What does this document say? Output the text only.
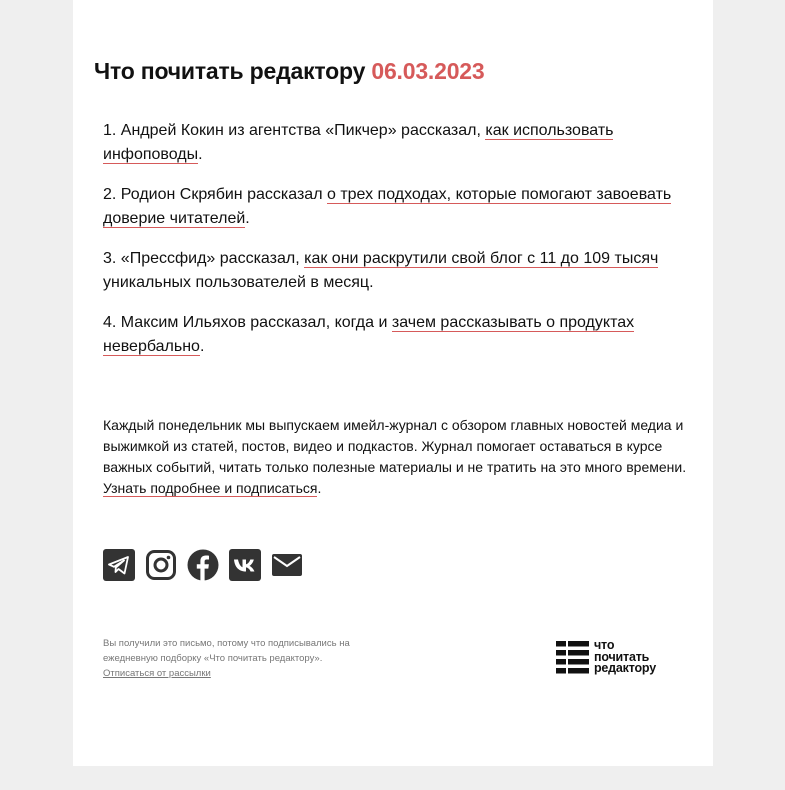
Что почитать редактору 06.03.2023
1. Андрей Кокин из агентства «Пикчер» рассказал, как использовать инфоповоды.
2. Родион Скрябин рассказал о трех подходах, которые помогают завоевать доверие читателей.
3. «Прессфид» рассказал, как они раскрутили свой блог с 11 до 109 тысяч уникальных пользователей в месяц.
4. Максим Ильяхов рассказал, когда и зачем рассказывать о продуктах невербально.

Каждый понедельник мы выпускаем имейл-журнал с обзором главных новостей медиа и выжимкой из статей, постов, видео и подкастов. Журнал помогает оставаться в курсе важных событий, читать только полезные материалы и не тратить на это много времени. Узнать подробнее и подписаться.

Вы получили это письмо, потому что подписывались на ежедневную подборку «Что почитать редактору».
Отписаться от рассылки

что
почитать
редактору
